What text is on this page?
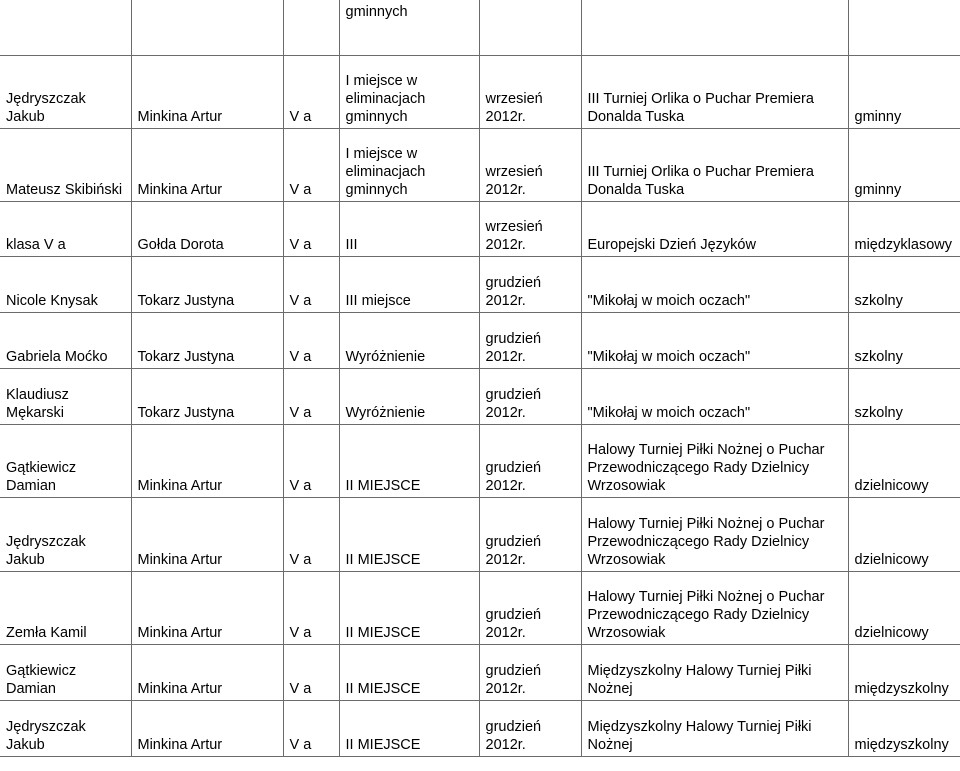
			gminnych			
Jędryszczak Jakub	Minkina Artur	V a	I miejsce w eliminacjach gminnych	wrzesień 2012r.	III Turniej Orlika o Puchar Premiera Donalda Tuska	gminny
Mateusz Skibiński	Minkina Artur	V a	I miejsce w eliminacjach gminnych	wrzesień 2012r.	III Turniej Orlika o Puchar Premiera Donalda Tuska	gminny
klasa V a	Gołda Dorota	V a	III	wrzesień 2012r.	Europejski Dzień Języków	międzyklasowy
Nicole Knysak	Tokarz Justyna	V a	III miejsce	grudzień 2012r.	"Mikołaj w moich oczach"	szkolny
Gabriela Moćko	Tokarz Justyna	V a	Wyróżnienie	grudzień 2012r.	"Mikołaj w moich oczach"	szkolny
Klaudiusz Mękarski	Tokarz Justyna	V a	Wyróżnienie	grudzień 2012r.	"Mikołaj w moich oczach"	szkolny
Gątkiewicz Damian	Minkina Artur	V a	II MIEJSCE	grudzień 2012r.	Halowy Turniej Piłki Nożnej o Puchar Przewodniczącego Rady Dzielnicy Wrzosowiak	dzielnicowy
Jędryszczak Jakub	Minkina Artur	V a	II MIEJSCE	grudzień 2012r.	Halowy Turniej Piłki Nożnej o Puchar Przewodniczącego Rady Dzielnicy Wrzosowiak	dzielnicowy
Zemła Kamil	Minkina Artur	V a	II MIEJSCE	grudzień 2012r.	Halowy Turniej Piłki Nożnej o Puchar Przewodniczącego Rady Dzielnicy Wrzosowiak	dzielnicowy
Gątkiewicz Damian	Minkina Artur	V a	II MIEJSCE	grudzień 2012r.	Międzyszkolny Halowy Turniej Piłki Nożnej	międzyszkolny
Jędryszczak Jakub	Minkina Artur	V a	II MIEJSCE	grudzień 2012r.	Międzyszkolny Halowy Turniej Piłki Nożnej	międzyszkolny
